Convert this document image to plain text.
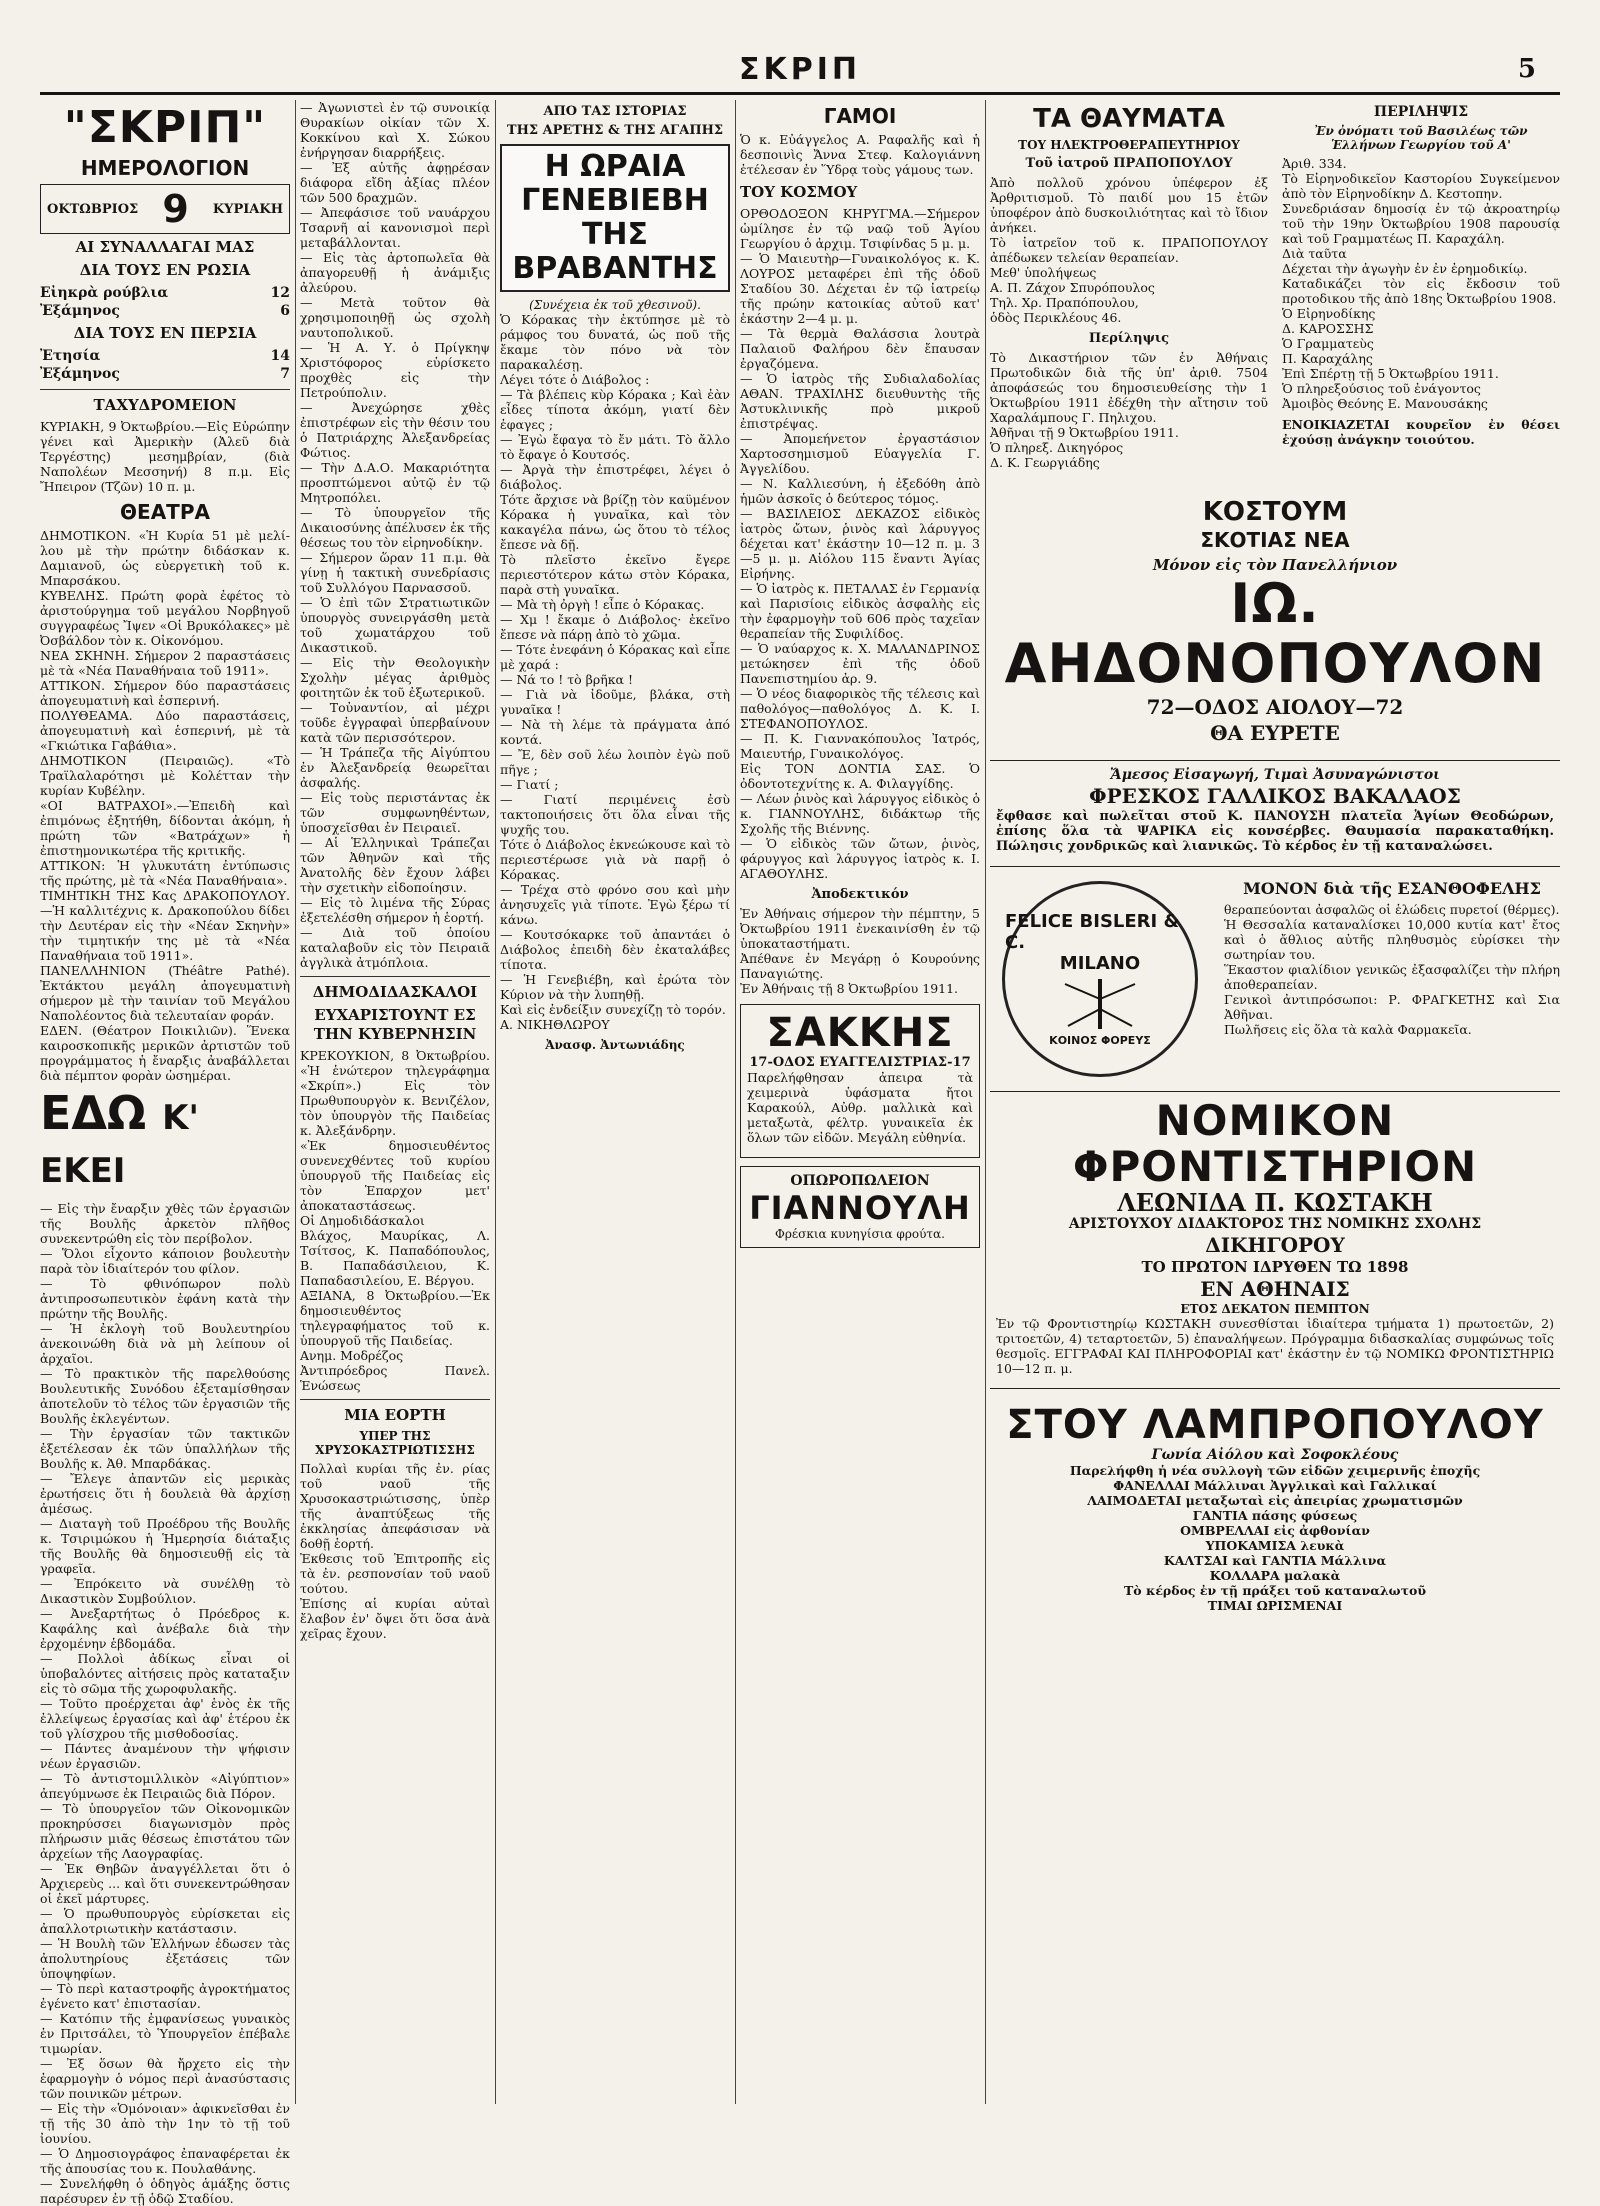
ΣΚΡΙΠ	5
"ΣΚΡΙΠ"
ΗΜΕΡΟΛΟΓΙΟΝ
ΟΚΤΩΒΡΙΟΣ 9 ΚΥΡΙΑΚΗ
ΑΙ ΣΥΝΑΛΛΑΓΑΙ ΜΑΣ
ΔΙΑ ΤΟΥΣ ΕΝ ΡΩΣΙΑ
Εἰηκρὰ ρούβλια	12
Ἐξάμηνος	6
ΔΙΑ ΤΟΥΣ ΕΝ ΠΕΡΣΙΑ
Ἐτησία	14
Ἐξάμηνος	7
ΤΑΧΥΔΡΟΜΕΙΟΝ
ΚΥΡΙΑΚΗ, 9 Ὀκτωβρίου.—Εἰς Εὐρώπην γένει καὶ Ἀμερικὴν (Ἀλεῦ διὰ Τεργέστης) μεσημβρίαν, (διὰ Ναπολέων Μεσσηνή) 8 π.μ. Εἰς Ἤπειρον (Τζῶν) 10 π. μ.
ΘΕΑΤΡΑ
ΔΗΜΟΤΙΚΟΝ. «Ἡ Κυρία 51 μὲ μελί-λου μὲ τὴν πρώτην διδάσκαν κ. Δαμιανοῦ, ὡς εὐεργετικὴ τοῦ κ. Μπαρσάκου.
ΚΥΒΕΛΗΣ. Πρώτη φορὰ ἐφέτος τὸ ἀριστούργημα τοῦ μεγάλου Νορβηγοῦ συγγραφέως Ἴψεν «Οἱ Βρυκόλακες» μὲ Ὀσβάλδον τὸν κ. Οἰκονόμου.
ΝΕΑ ΣΚΗΝΗ. Σήμερον 2 παραστάσεις μὲ τὰ «Νέα Παναθήναια τοῦ 1911».
ΑΤΤΙΚΟΝ. Σήμερον δύο παραστάσεις ἀπογευματινὴ καὶ ἑσπερινή.
ΠΟΛΥΘΕΑΜΑ. Δύο παραστάσεις, ἀπογευματινὴ καὶ ἑσπερινή, μὲ τὰ «Γκιώτικα Γαβάθια».
ΔΗΜΟΤΙΚΟΝ (Πειραιῶς). «Τὸ Τραϊλαλαρότησι μὲ Κολέτταν τὴν κυρίαν Κυβέλην.
«ΟΙ ΒΑΤΡΑΧΟΙ».—Ἐπειδὴ καὶ ἐπιμόνως ἐξητήθη, δίδονται ἀκόμη, ἡ πρώτη τῶν «Βατράχων» ἡ ἐπιστημονικωτέρα τῆς κριτικῆς.
ΑΤΤΙΚΟΝ: Ἡ γλυκυτάτη ἐντύπωσις τῆς πρώτης, μὲ τὰ «Νέα Παναθήναια».
ΤΙΜΗΤΙΚΗ ΤΗΣ Κας ΔΡΑΚΟΠΟΥΛΟΥ.—Ἡ καλλιτέχνις κ. Δρακοπούλου δίδει τὴν Δευτέραν εἰς τὴν «Νέαν Σκηνὴν» τὴν τιμητικήν της μὲ τὰ «Νέα Παναθήναια τοῦ 1911».
ΠΑΝΕΛΛΗΝΙΟΝ (Théâtre Pathé). Ἐκτάκτου μεγάλη ἀπογευματινὴ σήμερον μὲ τὴν ταινίαν τοῦ Μεγάλου Ναπολέοντος διὰ τελευταίαν φοράν.
ΕΔΕΝ. (Θέατρον Ποικιλιῶν). Ἕνεκα καιροσκοπικῆς μερικῶν ἀρτιστῶν τοῦ προγράμματος ἡ ἔναρξις ἀναβάλλεται διὰ πέμπτον φορὰν ὡσημέραι.
ΕΔΩ Κ' ΕΚΕΙ
— Εἰς τὴν ἔναρξιν χθὲς τῶν ἐργασιῶν τῆς Βουλῆς ἀρκετὸν πλῆθος συνεκεντρώθη εἰς τὸν περίβολον.
— Ὅλοι εἶχοντο κάποιον βουλευτὴν παρὰ τὸν ἰδιαίτερόν του φίλον.
— Τὸ φθινόπωρον πολὺ ἀντιπροσωπευτικὸν ἐφάνη κατὰ τὴν πρώτην τῆς Βουλῆς.
— Ἡ ἐκλογὴ τοῦ Βουλευτηρίου ἀνεκοινώθη διὰ νὰ μὴ λείπουν οἱ ἀρχαῖοι.
— Τὸ πρακτικὸν τῆς παρελθούσης Βουλευτικῆς Συνόδου ἐξεταμίσθησαν ἀποτελοῦν τὸ τέλος τῶν ἐργασιῶν τῆς Βουλῆς ἐκλεγέντων.
— Τὴν ἐργασίαν τῶν τακτικῶν ἐξετέλεσαν ἐκ τῶν ὑπαλλήλων τῆς Βουλῆς κ. Ἀθ. Μπαρδάκας.
— Ἔλεγε ἀπαντῶν εἰς μερικὰς ἐρωτήσεις ὅτι ἡ δουλειὰ θὰ ἀρχίσῃ ἀμέσως.
— Διαταγὴ τοῦ Προέδρου τῆς Βουλῆς κ. Τσιριμώκου ἡ Ἡμερησία διάταξις τῆς Βουλῆς θὰ δημοσιευθῇ εἰς τὰ γραφεῖα.
— Ἐπρόκειτο νὰ συνέλθῃ τὸ Δικαστικὸν Συμβούλιον.
— Ἀνεξαρτήτως ὁ Πρόεδρος κ. Καφάλης καὶ ἀνέβαλε διὰ τὴν ἐρχομένην ἑβδομάδα.
— Πολλοὶ ἀδίκως εἶναι οἱ ὑποβαλόντες αἰτήσεις πρὸς καταταξιν εἰς τὸ σῶμα τῆς χωροφυλακῆς.
— Τοῦτο προέρχεται ἀφ' ἑνὸς ἐκ τῆς ἐλλείψεως ἐργασίας καὶ ἀφ' ἑτέρου ἐκ τοῦ γλίσχρου τῆς μισθοδοσίας.
— Πάντες ἀναμένουν τὴν ψήφισιν νέων ἐργασιῶν.
— Τὸ ἀντιστομιλλικὸν «Αἰγύπτιον» ἀπεγύμνωσε ἐκ Πειραιῶς διὰ Πόρον.
— Τὸ ὑπουργεῖον τῶν Οἰκονομικῶν προκηρύσσει διαγωνισμὸν πρὸς πλήρωσιν μιᾶς θέσεως ἐπιστάτου τῶν ἀρχείων τῆς Λαογραφίας.
— Ἐκ Θηβῶν ἀναγγέλλεται ὅτι ὁ Ἀρχιερεὺς ... καὶ ὅτι συνεκεντρώθησαν οἱ ἐκεῖ μάρτυρες.
— Ὁ πρωθυπουργὸς εὐρίσκεται εἰς ἀπαλλοτριωτικὴν κατάστασιν.
— Ἡ Βουλὴ τῶν Ἑλλήνων ἐδωσεν τὰς ἀπολυτηρίους ἐξετάσεις τῶν ὑποψηφίων.
— Τὸ περὶ καταστροφῆς ἀγροκτήματος ἐγένετο κατ' ἐπιστασίαν.
— Κατόπιν τῆς ἐμφανίσεως γυναικὸς ἐν Πριτσάλει, τὸ Ὑπουργεῖον ἐπέβαλε τιμωρίαν.
— Ἐξ ὅσων θὰ ἤρχετο εἰς τὴν ἐφαρμογὴν ὁ νόμος περὶ ἀνασύστασις τῶν ποινικῶν μέτρων.
— Εἰς τὴν «Ὁμόνοιαν» ἀφικνεῖσθαι ἐν τῇ τῆς 30 ἀπὸ τὴν 1ην τὸ τῇ τοῦ ἰουνίου.
— Ὁ Δημοσιογράφος ἐπαναφέρεται ἐκ τῆς ἀπουσίας του κ. Πουλαθάνης.
— Συνελήφθη ὁ ὁδηγὸς ἁμάξης ὅστις παρέσυρεν ἐν τῇ ὁδῷ Σταδίου.
— Ἀγωνιστεὶ ἐν τῷ συνοικίᾳ Θυρακίων οἰκίαν τῶν Χ. Κοκκίνου καὶ Χ. Σώκου ἐνήργησαν διαρρήξεις.
— Ἐξ αὐτῆς ἀφῃρέσαν διάφορα εἴδη ἀξίας πλέον τῶν 500 δραχμῶν.
— Ἀπεφάσισε τοῦ ναυάρχου Τσαρνῆ αἱ κανονισμοὶ περὶ μεταβάλλονται.
— Εἰς τὰς ἀρτοπωλεῖα θὰ ἀπαγορευθῇ ἡ ἀνάμιξις ἀλεύρου.
— Μετὰ τοῦτον θὰ χρησιμοποιηθῇ ὡς σχολὴ ναυτοπολικοῦ.
— Ἡ Α. Υ. ὁ Πρίγκηψ Χριστόφορος εὑρίσκετο προχθὲς εἰς τὴν Πετρούπολιν.
— Ἀνεχώρησε χθὲς ἐπιστρέφων εἰς τὴν θέσιν του ὁ Πατριάρχης Ἀλεξανδρείας Φώτιος.
— Τὴν Δ.Α.Ο. Μακαριότητα προσπτώμενοι αὐτῷ ἐν τῷ Μητροπόλει.
— Τὸ ὑπουργεῖον τῆς Δικαιοσύνης ἀπέλυσεν ἐκ τῆς θέσεως του τὸν εἰρηνοδίκην.
— Σήμερον ὥραν 11 π.μ. θὰ γίνῃ ἡ τακτικὴ συνεδρίασις τοῦ Συλλόγου Παρνασσοῦ.
— Ὁ ἐπὶ τῶν Στρατιωτικῶν ὑπουργὸς συνειργάσθη μετὰ τοῦ χωματάρχου τοῦ Δικαστικοῦ.
— Εἰς τὴν Θεολογικὴν Σχολὴν μέγας ἀριθμὸς φοιτητῶν ἐκ τοῦ ἐξωτερικοῦ.
— Τοὐναντίον, αἱ μέχρι τοῦδε ἐγγραφαὶ ὑπερβαίνουν κατὰ τῶν περισσότερον.
— Ἡ Τράπεζα τῆς Αἰγύπτου ἐν Ἀλεξανδρείᾳ θεωρεῖται ἀσφαλής.
— Εἰς τοὺς περιστάντας ἐκ τῶν συμφωνηθέντων, ὑποσχεῖσθαι ἐν Πειραιεῖ.
— Αἱ Ἑλληνικαὶ Τράπεζαι τῶν Ἀθηνῶν καὶ τῆς Ἀνατολῆς δὲν ἔχουν λάβει τὴν σχετικὴν εἰδοποίησιν.
— Εἰς τὸ λιμένα τῆς Σύρας ἐξετελέσθη σήμερον ἡ ἑορτή.
— Διὰ τοῦ ὁποίου καταλαβοῦν εἰς τὸν Πειραιᾶ ἀγγλικὰ ἀτμόπλοια.
ΔΗΜΟΔΙΔΑΣΚΑΛΟΙ
ΕΥΧΑΡΙΣΤΟΥΝΤ ΕΣ ΤΗΝ ΚΥΒΕΡΝΗΣΙΝ
ΚΡΕΚΟΥΚΙΟΝ, 8 Ὀκτωβρίου. «Ἡ ἑνώτερον τηλεγράφημα «Σκρίπ».) Εἰς τὸν Πρωθυπουργὸν κ. Βενιζέλον, τὸν ὑπουργὸν τῆς Παιδείας κ. Ἀλεξάνδρην.
«Ἐκ δημοσιευθέντος συνενεχθέντες τοῦ κυρίου ὑπουργοῦ τῆς Παιδείας εἰς τὸν Ἑπαρχον μετ' ἀποκαταστάσεως.
Οἱ Δημοδιδάσκαλοι
Βλάχος, Μαυρίκας, Λ. Τσίτσος, Κ. Παπαδόπουλος, Β. Παπαδάσιλειου, Κ. Παπαδασιλείου, Ε. Βέργου.
ΑΞΙΑΝΑ, 8 Ὀκτωβρίου.—Ἐκ δημοσιευθέντος τηλεγραφήματος τοῦ κ. ὑπουργοῦ τῆς Παιδείας.
Ανημ. Μοδρέζος
Ἀντιπρόεδρος Πανελ. Ἑνώσεως
ΜΙΑ ΕΟΡΤΗ
ΥΠΕΡ ΤΗΣ ΧΡΥΣΟΚΑΣΤΡΙΩΤΙΣΣΗΣ
Πολλαὶ κυρίαι τῆς ἐν. ρίας τοῦ ναοῦ τῆς Χρυσοκαστριώτισσης, ὑπὲρ τῆς ἀναπτύξεως τῆς ἐκκλησίας ἀπεφάσισαν νὰ δοθῇ ἑορτή.
Ἐκθεσις τοῦ Ἐπιτροπῆς εἰς τὰ ἐν. ρεσπονσίαν τοῦ ναοῦ τούτου.
Ἐπίσης αἱ κυρίαι αὐταὶ ἔλαβον ἐν' ὄψει ὅτι ὅσα ἀνὰ χεῖρας ἔχουν.
ΑΠΟ ΤΑΣ ΙΣΤΟΡΙΑΣ
ΤΗΣ ΑΡΕΤΗΣ & ΤΗΣ ΑΓΑΠΗΣ
Η ΩΡΑΙΑ ΓΕΝΕΒΙΕΒΗ ΤΗΣ ΒΡΑΒΑΝΤΗΣ
(Συνέχεια ἐκ τοῦ χθεσινοῦ).
Ὁ Κόρακας τὴν ἐκτύπησε μὲ τὸ ράμφος του δυνατά, ὡς ποῦ τῆς ἔκαμε τὸν πόνο νὰ τὸν παρακαλέσῃ.
Λέγει τότε ὁ Διάβολος :
— Τὰ βλέπεις κὺρ Κόρακα ; Καὶ ἐὰν εἶδες τίποτα ἀκόμη, γιατί δὲν ἐφαγες ;
— Ἐγὼ ἔφαγα τὸ ἔν μάτι. Τὸ ἄλλο τὸ ἔφαγε ὁ Κουτσός.
— Ἀργὰ τὴν ἐπιστρέφει, λέγει ὁ διάβολος.
Τότε ἄρχισε νὰ βρίζῃ τὸν καϋμένον Κόρακα ἡ γυναῖκα, καὶ τὸν κακαγέλα πάνω, ὡς ὅτου τὸ τέλος ἔπεσε νὰ δῇ.
Τὸ πλεῖστο ἐκεῖνο ἔγερε περιεστότερον κάτω στὸν Κόρακα, παρὰ στὴ γυναῖκα.
— Μὰ τὴ ὀργὴ ! εἶπε ὁ Κόρακας.
— Χμ ! ἔκαμε ὁ Διάβολος· ἐκεῖνο ἔπεσε νὰ πάρῃ ἀπὸ τὸ χῶμα.
— Τότε ἐνεφάνη ὁ Κόρακας καὶ εἶπε μὲ χαρά :
— Νά το ! τὸ βρῆκα !
— Γιὰ νὰ ἰδοῦμε, βλάκα, στὴ γυναῖκα !
— Νὰ τὴ λέμε τὰ πράγματα ἀπό κοντά.
— Ἔ, δὲν σοῦ λέω λοιπὸν ἐγὼ ποῦ πῆγε ;
— Γιατί ;
— Γιατί περιμένεις ἐσὺ τακτοποιήσεις ὅτι ὅλα εἶναι τῆς ψυχῆς του.
Τότε ὁ Διάβολος ἐκνεώκουσε καὶ τὸ περιεστέρωσε γιὰ νὰ παρῇ ὁ Κόρακας.
— Τρέχα στὸ φρόνο σου καὶ μὴν ἀνησυχεῖς γιὰ τίποτε. Ἐγὼ ξέρω τί κάνω.
— Κουτσόκαρκε τοῦ ἀπαντάει ὁ Διάβολος ἐπειδὴ δὲν ἐκαταλάβες τίποτα.
— Ἡ Γενεβιέβη, καὶ ἐρώτα τὸν Κύριον νὰ τὴν λυπηθῇ.
Καὶ εἰς ἐνδείξιν συνεχίζῃ τὸ τορόν.
Α. ΝΙΚΗΘΛΩΡΟΥ
Ἀνασφ. Ἀντωνιάδης
ΓΑΜΟΙ
Ὁ κ. Εὐάγγελος Α. Ραφαλῆς καὶ ἡ δεσποινὶς Ἄννα Στεφ. Καλογιάννη ἐτέλεσαν ἐν Ὕδρᾳ τοὺς γάμους των.
ΤΟΥ ΚΟΣΜΟΥ
ΟΡΘΟΔΟΞΟΝ ΚΗΡΥΓΜΑ.—Σήμερον ὡμίλησε ἐν τῷ ναῷ τοῦ Ἁγίου Γεωργίου ὁ ἀρχιμ. Τσιφίνδας 5 μ. μ.
— Ὁ Μαιευτὴρ—Γυναικολόγος κ. Κ. ΛΟΥΡΟΣ μεταφέρει ἐπὶ τῆς ὁδοῦ Σταδίου 30. Δέχεται ἐν τῷ ἰατρείῳ τῆς πρώην κατοικίας αὐτοῦ κατ' ἑκάστην 2—4 μ. μ.
— Τὰ θερμὰ Θαλάσσια λουτρὰ Παλαιοῦ Φαλήρου δὲν ἔπαυσαν ἐργαζόμενα.
— Ὁ ἰατρὸς τῆς Συδιαλαδολίας ΑΘΑΝ. ΤΡΑΧΙΛΗΣ διευθυντὴς τῆς Ἀστυκλινικῆς πρὸ μικροῦ ἐπιστρέψας.
— Ἀπομεήνετον ἐργαστάσιον Χαρτοσσημισμοῦ Εὐαγγελία Γ. Ἀγγελίδου.
— Ν. Καλλιεσύνη, ἡ ἐξεδόθη ἀπὸ ἡμῶν ἀσκοῖς ὁ δεύτερος τόμος.
— ΒΑΣΙΛΕΙΟΣ ΔΕΚΑΖΟΣ εἰδικὸς ἰατρὸς ὤτων, ῥινὸς καὶ λάρυγγος δέχεται κατ' ἑκάστην 10—12 π. μ. 3—5 μ. μ. Αἰόλου 115 ἔναντι Ἁγίας Εἰρήνης.
— Ὁ ἰατρὸς κ. ΠΕΤΑΛΑΣ ἐν Γερμανίᾳ καὶ Παρισίοις εἰδικὸς ἀσφαλὴς εἰς τὴν ἐφαρμογὴν τοῦ 606 πρὸς ταχεῖαν θεραπείαν τῆς Συφιλίδος.
— Ὁ ναύαρχος κ. Χ. ΜΑΛΑΝΔΡΙΝΟΣ μετώκησεν ἐπὶ τῆς ὁδοῦ Πανεπιστημίου ἀρ. 9.
— Ὁ νέος διαφορικὸς τῆς τέλεσις καὶ παθολόγος—παθολόγος Δ. Κ. Ι. ΣΤΕΦΑΝΟΠΟΥΛΟΣ.
— Π. Κ. Γιαννακόπουλος Ἰατρός, Μαιευτήρ, Γυναικολόγος.
Εἰς ΤΟΝ ΔΟΝΤΙΑ ΣΑΣ. Ὁ ὀδοντοτεχνίτης κ. Α. Φιλαγγίδης.
— Λέων ῥινὸς καὶ λάρυγγος εἰδικὸς ὁ κ. ΓΙΑΝΝΟΥΛΗΣ, διδάκτωρ τῆς Σχολῆς τῆς Βιέννης.
— Ὁ εἰδικὸς τῶν ὤτων, ῥινὸς, φάρυγγος καὶ λάρυγγος ἰατρὸς κ. Ι. ΑΓΑΘΟΥΛΗΣ.
Ἀποδεκτικόν
Ἐν Ἀθήναις σήμερον τὴν πέμπτην, 5 Ὀκτωβρίου 1911 ἐνεκαινίσθη ἐν τῷ ὑποκαταστήματι.
Ἀπέθανε ἐν Μεγάρῃ ὁ Κουρούνης Παναγιώτης.
Ἐν Ἀθήναις τῇ 8 Ὀκτωβρίου 1911.
ΣΑΚΚΗΣ
17-ΟΔΟΣ ΕΥΑΓΓΕΛΙΣΤΡΙΑΣ-17
Παρελήφθησαν ἀπειρα τὰ χειμερινὰ ὑφάσματα ἤτοι Καρακούλ, Αὐθρ. μαλλικὰ καὶ μεταξωτὰ, φέλτρ. γυναικεῖα ἐκ ὅλων τῶν εἰδῶν. Μεγάλη εὐθηνία.
ΟΠΩΡΟΠΩΛΕΙΟΝ
ΓΙΑΝΝΟΥΛΗ
Φρέσκια κυνηγίσια φρούτα.
ΤΑ ΘΑΥΜΑΤΑ
ΤΟΥ ΗΛΕΚΤΡΟΘΕΡΑΠΕΥΤΗΡΙΟΥ
Τοῦ ἰατροῦ ΠΡΑΠΟΠΟΥΛΟΥ
Ἀπὸ πολλοῦ χρόνου ὑπέφερον ἐξ Ἀρθριτισμοῦ. Τὸ παιδί μου 15 ἐτῶν ὑποφέρον ἀπὸ δυσκοιλιότητας καὶ τὸ ἴδιον ἀνήκει.
Τὸ ἰατρεῖον τοῦ κ. ΠΡΑΠΟΠΟΥΛΟΥ ἀπέδωκεν τελείαν θεραπείαν.
Μεθ' ὑπολήψεως
Α. Π. Ζάχον Σπυρόπουλος
Τηλ. Χρ. Πραπόπουλου,
ὁδὸς Περικλέους 46.
Περίληψις
Τὸ Δικαστήριον τῶν ἐν Ἀθήναις Πρωτοδικῶν διὰ τῆς ὑπ' ἀριθ. 7504 ἀποφάσεώς του δημοσιευθείσης τὴν 1 Ὀκτωβρίου 1911 ἐδέχθη τὴν αἴτησιν τοῦ Χαραλάμπους Γ. Πηλιχου.
Ἀθῆναι τῇ 9 Ὀκτωβρίου 1911.
Ὁ πληρεξ. Δικηγόρος
Δ. Κ. Γεωργιάδης
ΠΕΡΙΛΗΨΙΣ
Ἐν ὀνόματι τοῦ Βασιλέως τῶν Ἑλλήνων Γεωργίου τοῦ Α'
Ἀριθ. 334.
Τὸ Εἰρηνοδικεῖον Καστορίου Συγκείμενον ἀπὸ τὸν Εἰρηνοδίκην Δ. Κεστοπην.
Συνεδριάσαν δημοσίᾳ ἐν τῷ ἀκροατηρίῳ τοῦ τὴν 19ην Ὀκτωβρίου 1908 παρουσίᾳ καὶ τοῦ Γραμματέως Π. Καραχάλη.
Διὰ ταῦτα
Δέχεται τὴν ἀγωγὴν ἐν ἐν ἐρημοδικίῳ.
Καταδικάζει τὸν εἰς ἔκδοσιν τοῦ προτοδικου τῆς ἀπὸ 18ης Ὀκτωβρίου 1908.
Ὁ Εἰρηνοδίκης
Δ. ΚΑΡΟΣΣΗΣ
Ὁ Γραμματεὺς
Π. Καραχάλης
Ἐπὶ Σπέρτῃ τῇ 5 Ὀκτωβρίου 1911.
Ὁ πληρεξούσιος τοῦ ἐνάγοντος
Ἀμοιβὸς Θεόνης Ε. Μανουσάκης
ΕΝΟΙΚΙΑΖΕΤΑΙ κουρεῖον ἐν θέσει ἐχούσῃ ἀνάγκην τοιούτου.
ΚΟΣΤΟΥΜ
ΣΚΟΤΙΑΣ ΝΕΑ
Μόνον εἰς τὸν Πανελλήνιον
ΙΩ. ΑΗΔΟΝΟΠΟΥΛΟΝ
72—ΟΔΟΣ ΑΙΟΛΟΥ—72
ΘΑ ΕΥΡΕΤΕ
Ἄμεσος Εἰσαγωγή, Τιμαὶ Ἀσυναγώνιστοι
ΦΡΕΣΚΟΣ ΓΑΛΛΙΚΟΣ ΒΑΚΑΛΑΟΣ
ἔφθασε καὶ πωλεῖται στοῦ Κ. ΠΑΝΟΥΣΗ πλατεῖα Ἁγίων Θεοδώρων, ἐπίσης ὅλα τὰ ΨΑΡΙΚΑ εἰς κονσέρβες. Θαυμασία παρακαταθήκη. Πώλησις χονδρικῶς καὶ λιανικῶς. Τὸ κέρδος ἐν τῇ καταναλώσει.
FELICE BISLERI & C.
MILANO
ΚΟΙΝΟΣ ΦΟΡΕΥΣ
ΜΟΝΟΝ διὰ τῆς ΕΣΑΝΘΟΦΕΛΗΣ
θεραπεύονται ἀσφαλῶς οἱ ἑλώδεις πυρετοί (θέρμες).
Ἡ Θεσσαλία καταναλίσκει 10,000 κυτία κατ' ἔτος καὶ ὁ ἄθλιος αὐτῆς πληθυσμὸς εὑρίσκει τὴν σωτηρίαν του.
Ἕκαστον φιαλίδιον γενικῶς ἐξασφαλίζει τὴν πλήρη ἀποθεραπείαν.
Γενικοὶ ἀντιπρόσωποι: Ρ. ΦΡΑΓΚΕΤΗΣ καὶ Σια Ἀθῆναι.
Πωλῆσεις εἰς ὅλα τὰ καλὰ Φαρμακεῖα.
ΝΟΜΙΚΟΝ ΦΡΟΝΤΙΣΤΗΡΙΟΝ
ΛΕΩΝΙΔΑ Π. ΚΩΣΤΑΚΗ
ΑΡΙΣΤΟΥΧΟΥ ΔΙΔΑΚΤΟΡΟΣ ΤΗΣ ΝΟΜΙΚΗΣ ΣΧΟΛΗΣ
ΔΙΚΗΓΟΡΟΥ
ΤΟ ΠΡΩΤΟΝ ΙΔΡΥΘΕΝ ΤΩ 1898
ΕΝ ΑΘΗΝΑΙΣ
ΕΤΟΣ ΔΕΚΑΤΟΝ ΠΕΜΠΤΟΝ
Ἐν τῷ Φροντιστηρίῳ ΚΩΣΤΑΚΗ συνεσθίσται ἰδιαίτερα τμήματα 1) πρωτοετῶν, 2) τριτοετῶν, 4) τεταρτοετῶν, 5) ἐπαναλήψεων. Πρόγραμμα διδασκαλίας συμφώνως τοῖς θεσμοῖς. ΕΓΓΡΑΦΑΙ ΚΑΙ ΠΛΗΡΟΦΟΡΙΑΙ κατ' ἑκάστην ἐν τῷ ΝΟΜΙΚΩ ΦΡΟΝΤΙΣΤΗΡΙΩ 10—12 π. μ.
ΣΤΟΥ ΛΑΜΠΡΟΠΟΥΛΟΥ
Γωνία Αἰόλου καὶ Σοφοκλέους
Παρελήφθη ἡ νέα συλλογὴ τῶν εἰδῶν χειμερινῆς ἐποχῆς
ΦΑΝΕΛΛΑΙ Μάλλιναι Ἀγγλικαὶ καὶ Γαλλικαί
ΛΑΙΜΟΔΕΤΑΙ μεταξωταὶ εἰς ἀπειρίας χρωματισμῶν
ΓΑΝΤΙΑ πάσης φύσεως
ΟΜΒΡΕΛΛΑΙ εἰς ἀφθονίαν
ΥΠΟΚΑΜΙΣΑ λευκὰ
ΚΑΛΤΣΑΙ καὶ ΓΑΝΤΙΑ Μάλλινα
ΚΟΛΛΑΡΑ μαλακὰ
Τὸ κέρδος ἐν τῇ πράξει τοῦ καταναλωτοῦ
ΤΙΜΑΙ ΩΡΙΣΜΕΝΑΙ
